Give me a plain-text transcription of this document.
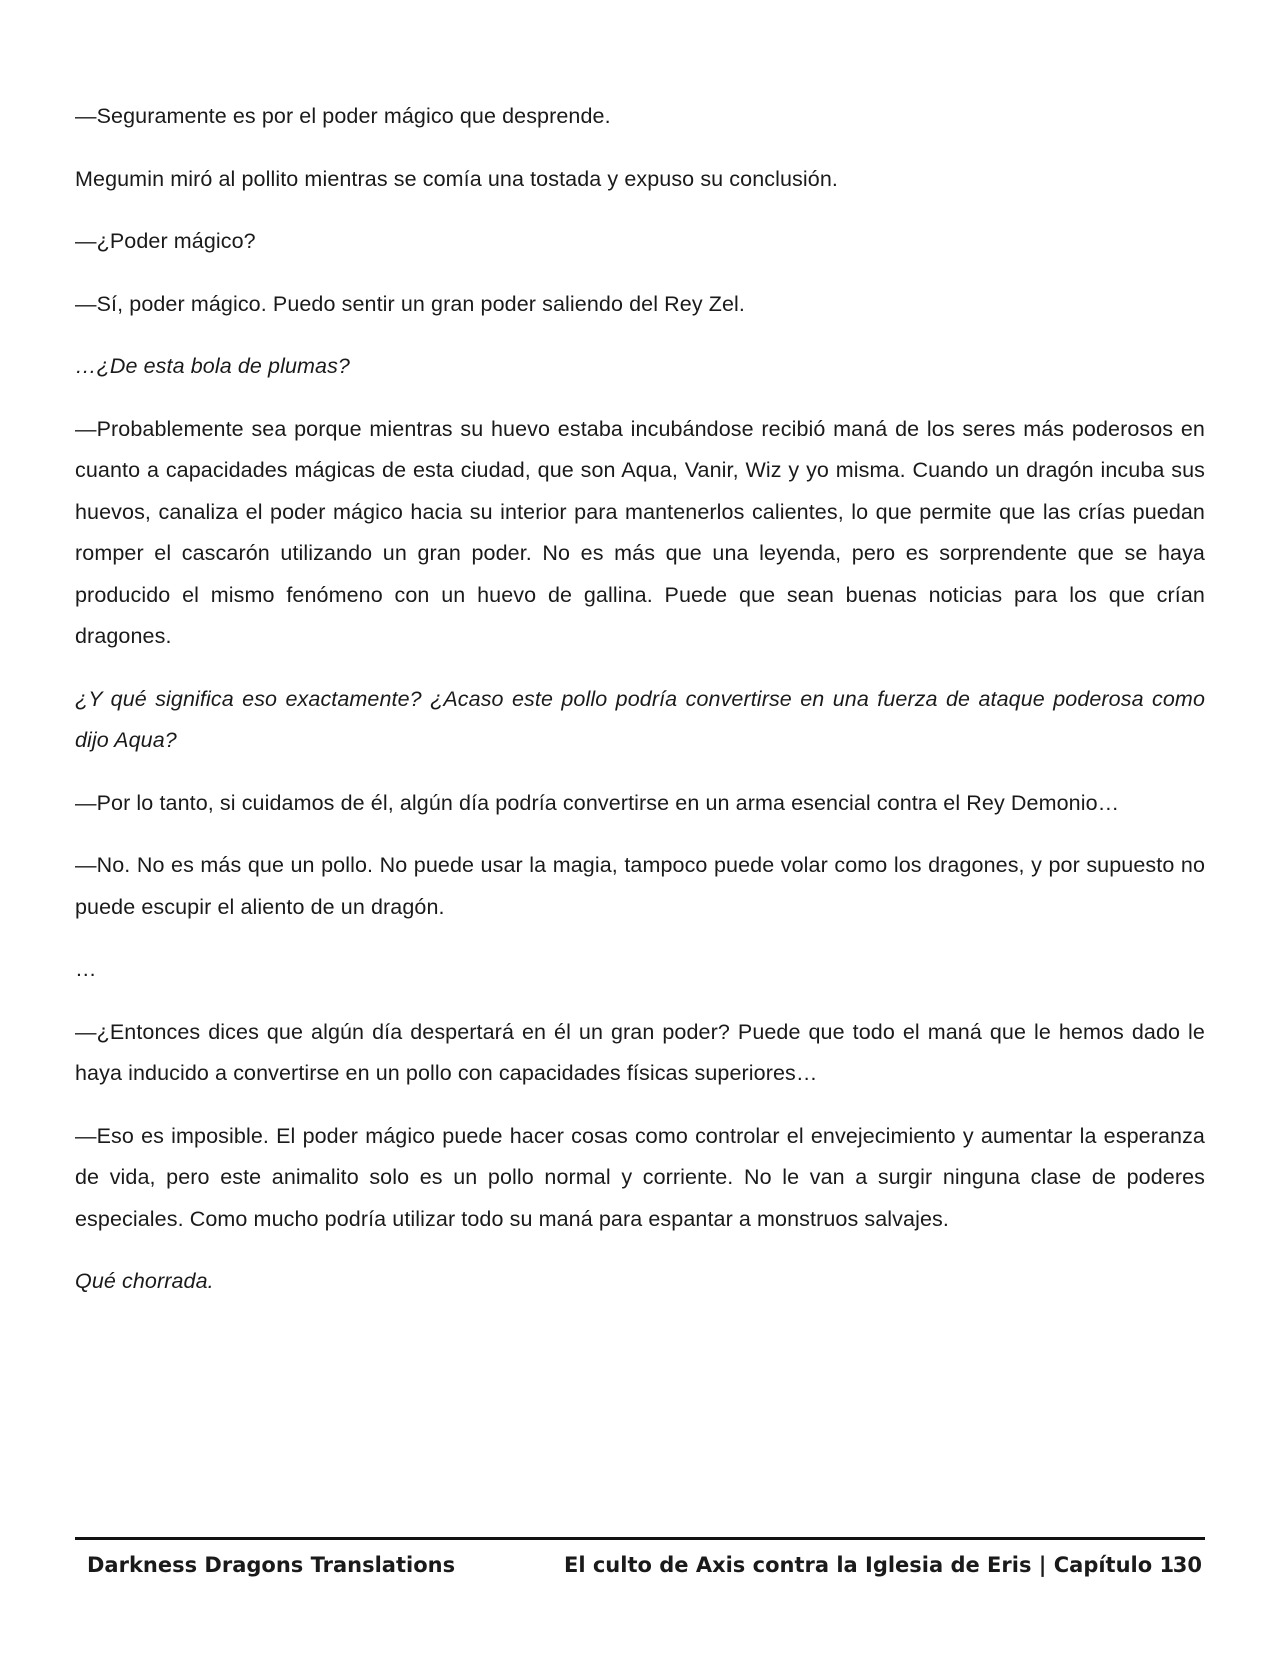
—Seguramente es por el poder mágico que desprende.

Megumin miró al pollito mientras se comía una tostada y expuso su conclusión.

—¿Poder mágico?

—Sí, poder mágico. Puedo sentir un gran poder saliendo del Rey Zel.

…¿De esta bola de plumas?

—Probablemente sea porque mientras su huevo estaba incubándose recibió maná de los seres más poderosos en cuanto a capacidades mágicas de esta ciudad, que son Aqua, Vanir, Wiz y yo misma. Cuando un dragón incuba sus huevos, canaliza el poder mágico hacia su interior para mantenerlos calientes, lo que permite que las crías puedan romper el cascarón utilizando un gran poder. No es más que una leyenda, pero es sorprendente que se haya producido el mismo fenómeno con un huevo de gallina. Puede que sean buenas noticias para los que crían dragones.

¿Y qué significa eso exactamente? ¿Acaso este pollo podría convertirse en una fuerza de ataque poderosa como dijo Aqua?

—Por lo tanto, si cuidamos de él, algún día podría convertirse en un arma esencial contra el Rey Demonio…

—No. No es más que un pollo. No puede usar la magia, tampoco puede volar como los dragones, y por supuesto no puede escupir el aliento de un dragón.

…

—¿Entonces dices que algún día despertará en él un gran poder? Puede que todo el maná que le hemos dado le haya inducido a convertirse en un pollo con capacidades físicas superiores…

—Eso es imposible. El poder mágico puede hacer cosas como controlar el envejecimiento y aumentar la esperanza de vida, pero este animalito solo es un pollo normal y corriente. No le van a surgir ninguna clase de poderes especiales. Como mucho podría utilizar todo su maná para espantar a monstruos salvajes.

Qué chorrada.

Darkness Dragons Translations	El culto de Axis contra la Iglesia de Eris | Capítulo 1
30
